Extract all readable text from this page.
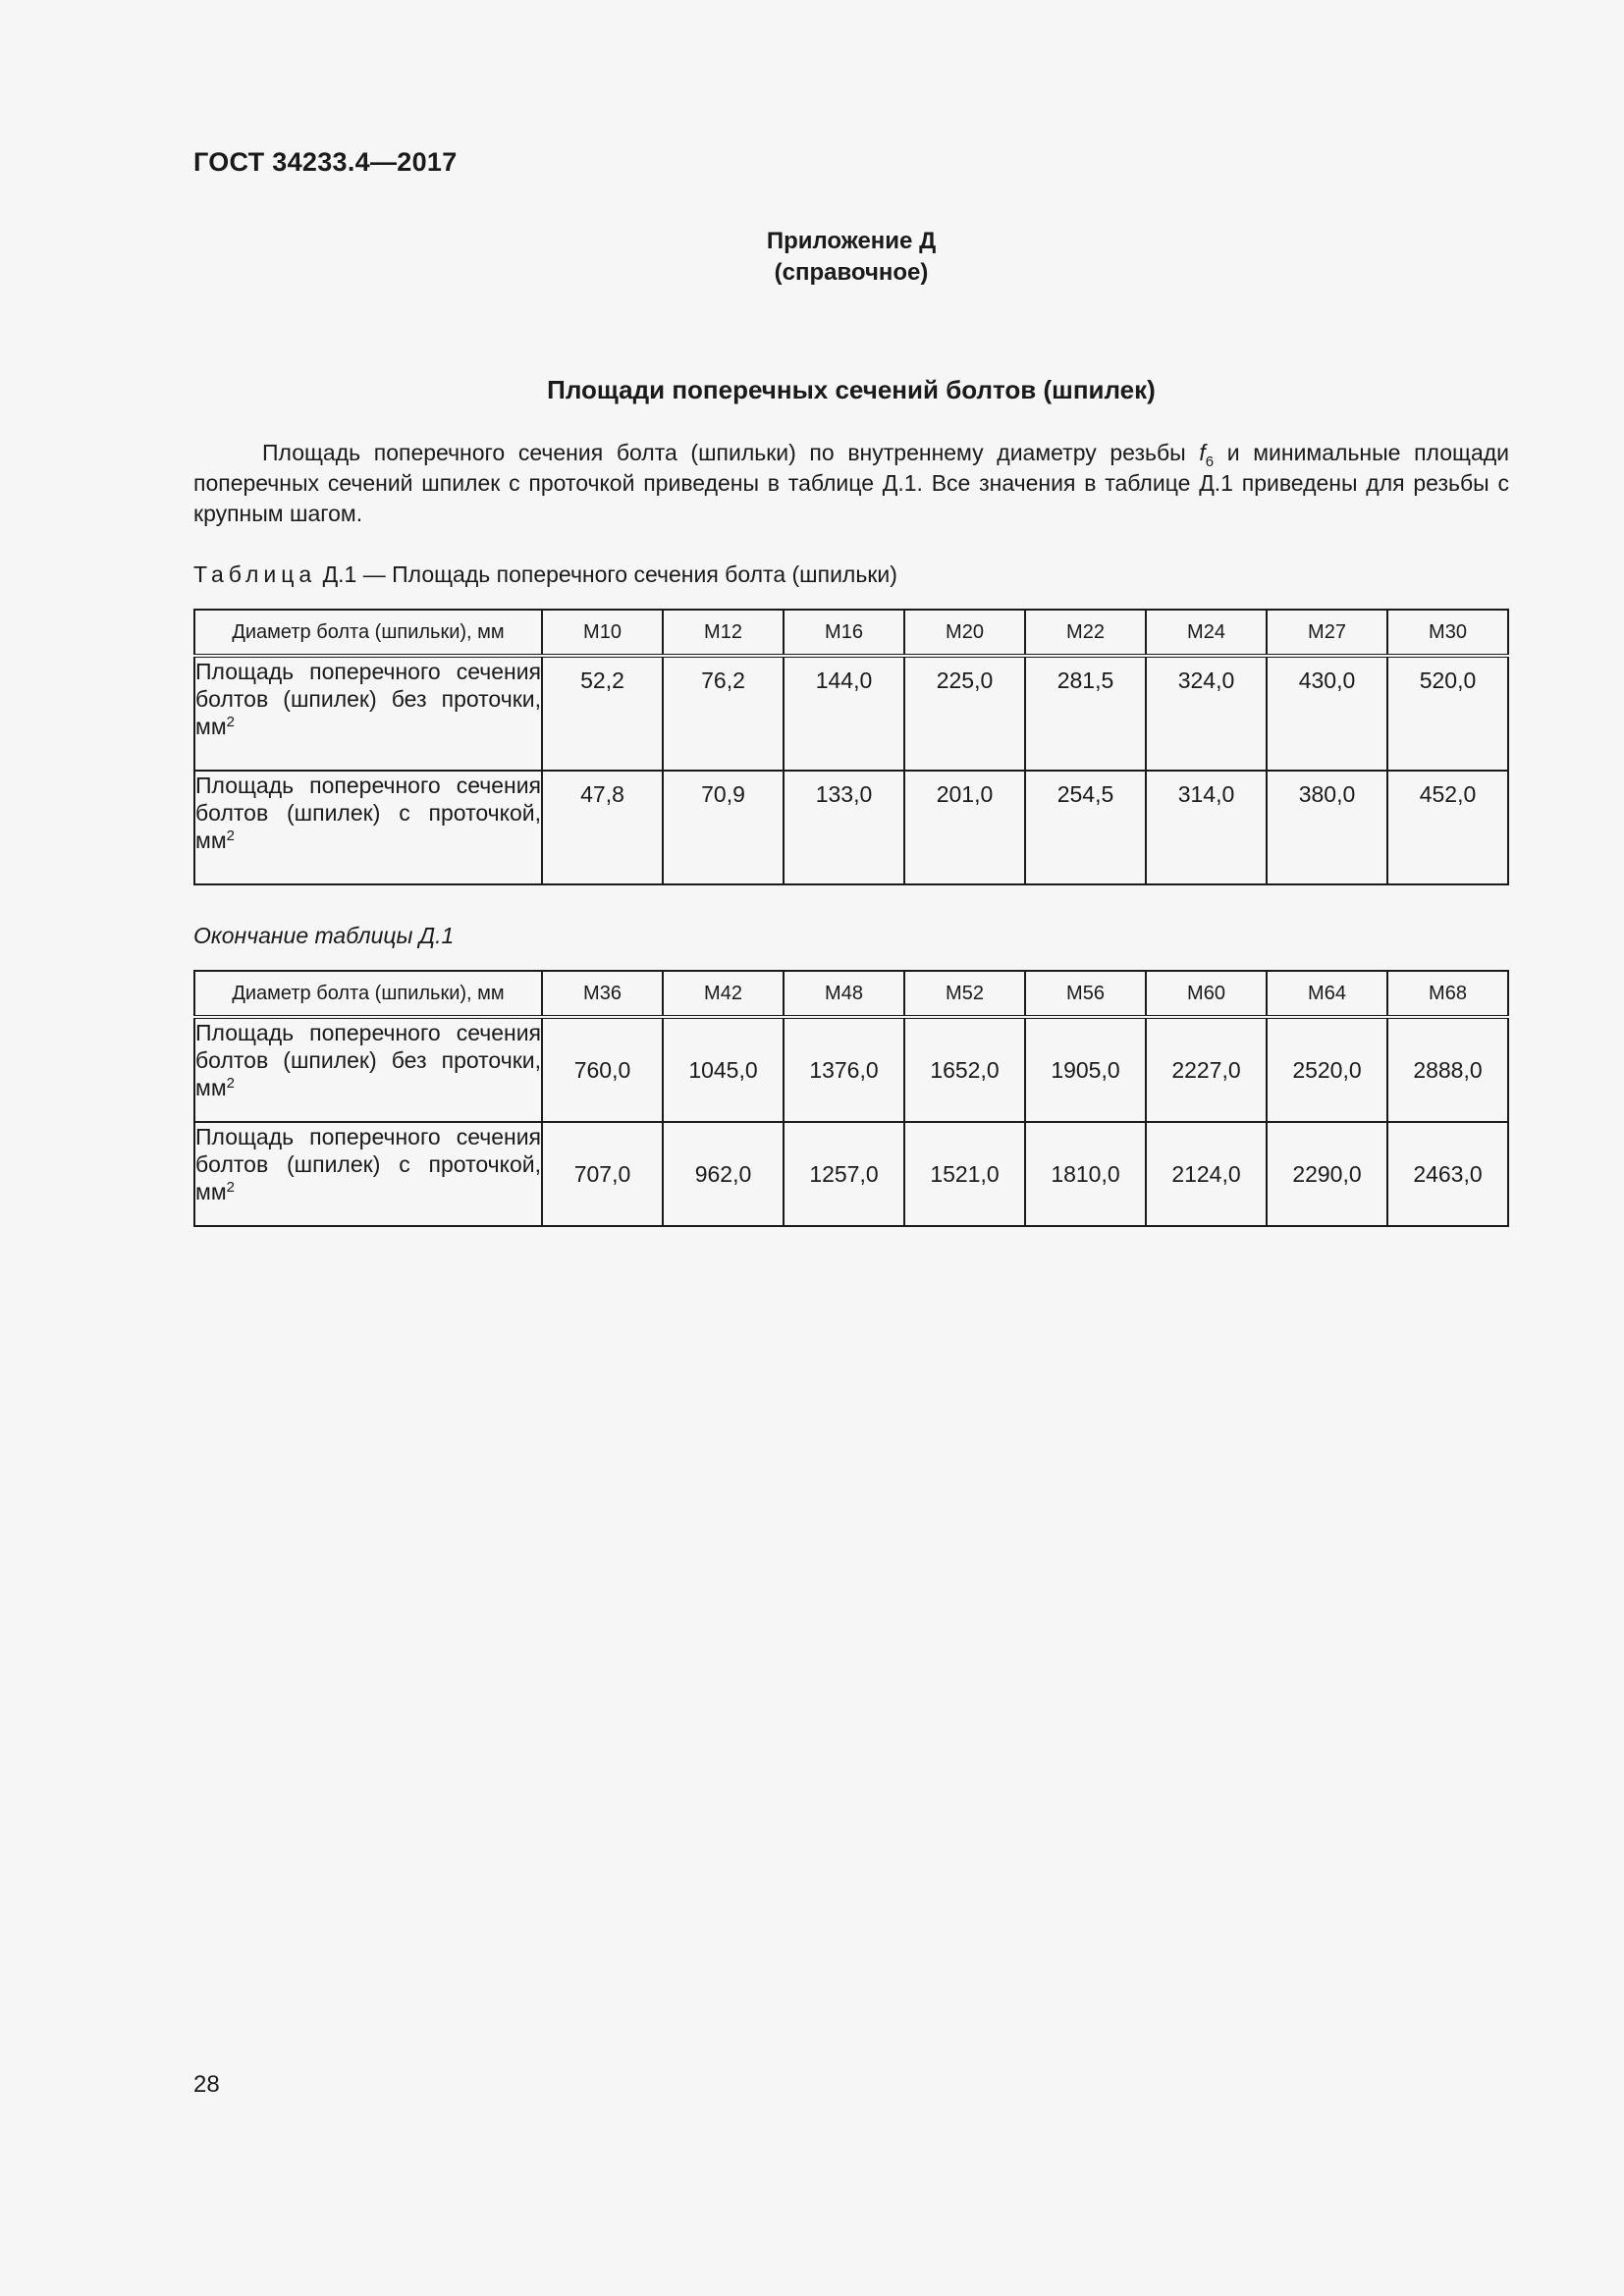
ГОСТ 34233.4—2017
Приложение Д
(справочное)
Площади поперечных сечений болтов (шпилек)
Площадь поперечного сечения болта (шпильки) по внутреннему диаметру резьбы $f_6$ и минимальные площади поперечных сечений шпилек с проточкой приведены в таблице Д.1. Все значения в таблице Д.1 приведены для резьбы с крупным шагом.
Таблица Д.1 — Площадь поперечного сечения болта (шпильки)
Диаметр болта (шпильки), мм	М10	М12	М16	М20	М22	М24	М27	М30
Площадь поперечного сечения болтов (шпилек) без проточки, $мм^2$	52,2	76,2	144,0	225,0	281,5	324,0	430,0	520,0
Площадь поперечного сечения болтов (шпилек) с проточкой, $мм^2$	47,8	70,9	133,0	201,0	254,5	314,0	380,0	452,0
Окончание таблицы Д.1
Диаметр болта (шпильки), мм	М36	М42	М48	М52	М56	М60	М64	М68
Площадь поперечного сечения болтов (шпилек) без проточки, $мм^2$	760,0	1045,0	1376,0	1652,0	1905,0	2227,0	2520,0	2888,0
Площадь поперечного сечения болтов (шпилек) с проточкой, $мм^2$	707,0	962,0	1257,0	1521,0	1810,0	2124,0	2290,0	2463,0
28
